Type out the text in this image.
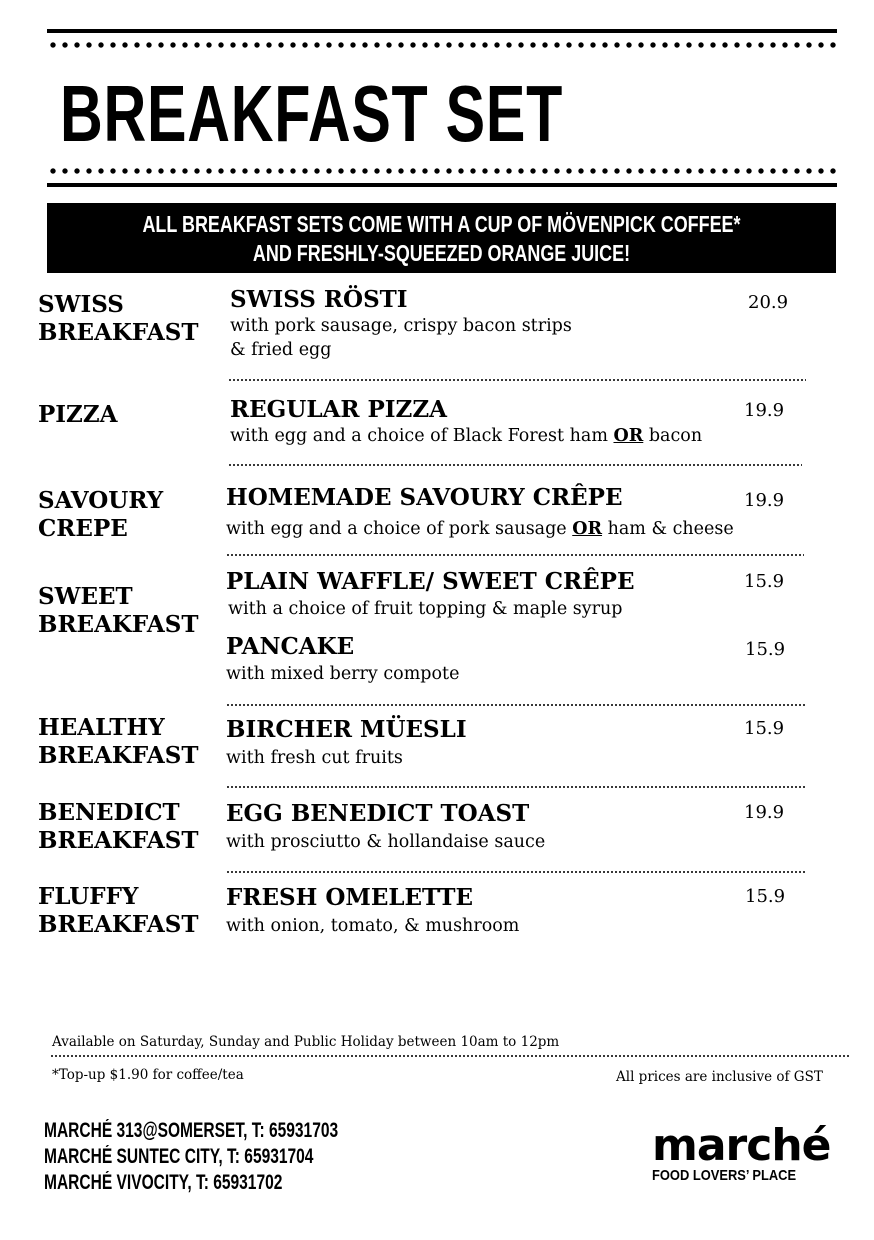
BREAKFAST SET
ALL BREAKFAST SETS COME WITH A CUP OF MÖVENPICK COFFEE*
AND FRESHLY-SQUEEZED ORANGE JUICE!
SWISS
BREAKFAST
SWISS RÖSTI
with pork sausage, crispy bacon strips
& fried egg
20.9
PIZZA	REGULAR PIZZA
with egg and a choice of Black Forest ham OR bacon
19.9
SAVOURY
CREPE
HOMEMADE SAVOURY CRÊPE
with egg and a choice of pork sausage OR ham & cheese
19.9
SWEET
BREAKFAST
PLAIN WAFFLE/ SWEET CRÊPE
with a choice of fruit topping & maple syrup
15.9
PANCAKE
with mixed berry compote
15.9
HEALTHY
BREAKFAST
BIRCHER MÜESLI
with fresh cut fruits
15.9
BENEDICT
BREAKFAST
EGG BENEDICT TOAST
with prosciutto & hollandaise sauce
19.9
FLUFFY
BREAKFAST
FRESH OMELETTE
with onion, tomato, & mushroom
15.9
Available on Saturday, Sunday and Public Holiday between 10am to 12pm
*Top-up $1.90 for coffee/tea	All prices are inclusive of GST
MARCHÉ 313@SOMERSET, T: 65931703
MARCHÉ SUNTEC CITY, T: 65931704
MARCHÉ VIVOCITY, T: 65931702
marché
FOOD LOVERS’ PLACE
